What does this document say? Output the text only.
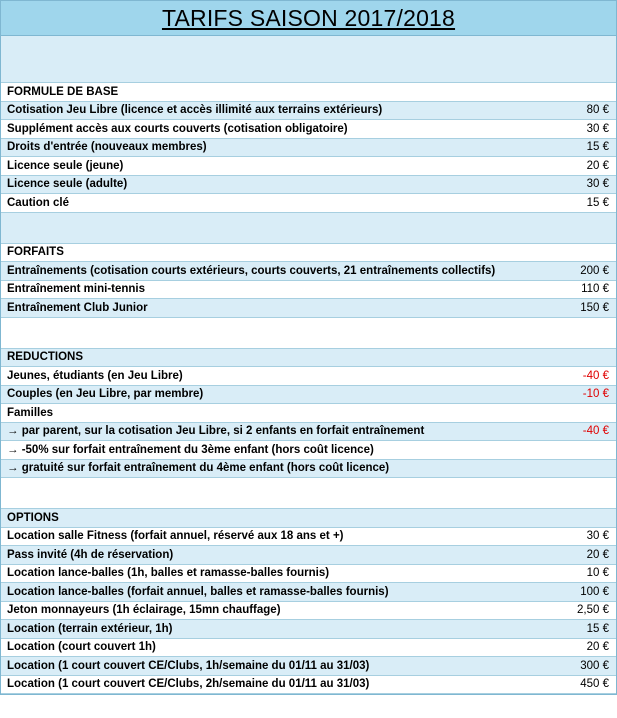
TARIFS SAISON 2017/2018
FORMULE DE BASE
Cotisation Jeu Libre (licence et accès illimité aux terrains extérieurs)	80 €
Supplément accès aux courts couverts (cotisation obligatoire)	30 €
Droits d'entrée (nouveaux membres)	15 €
Licence seule (jeune)	20 €
Licence seule (adulte)	30 €
Caution clé	15 €
FORFAITS
Entraînements (cotisation courts extérieurs, courts couverts, 21 entraînements collectifs)	200 €
Entraînement mini-tennis	110 €
Entraînement Club Junior	150 €
REDUCTIONS
Jeunes, étudiants (en Jeu Libre)	-40 €
Couples (en Jeu Libre, par membre)	-10 €
Familles
→ par parent, sur la cotisation Jeu Libre, si 2 enfants en forfait entraînement	-40 €
→ -50% sur forfait entraînement du 3ème enfant (hors coût licence)
→ gratuité sur forfait entraînement du 4ème enfant (hors coût licence)
OPTIONS
Location salle Fitness (forfait annuel, réservé aux 18 ans et +)	30 €
Pass invité (4h de réservation)	20 €
Location lance-balles (1h, balles et ramasse-balles fournis)	10 €
Location lance-balles (forfait annuel, balles et ramasse-balles fournis)	100 €
Jeton monnayeurs (1h éclairage, 15mn chauffage)	2,50 €
Location (terrain extérieur, 1h)	15 €
Location (court couvert 1h)	20 €
Location (1 court couvert CE/Clubs, 1h/semaine du 01/11 au 31/03)	300 €
Location (1 court couvert CE/Clubs, 2h/semaine du 01/11 au 31/03)	450 €
